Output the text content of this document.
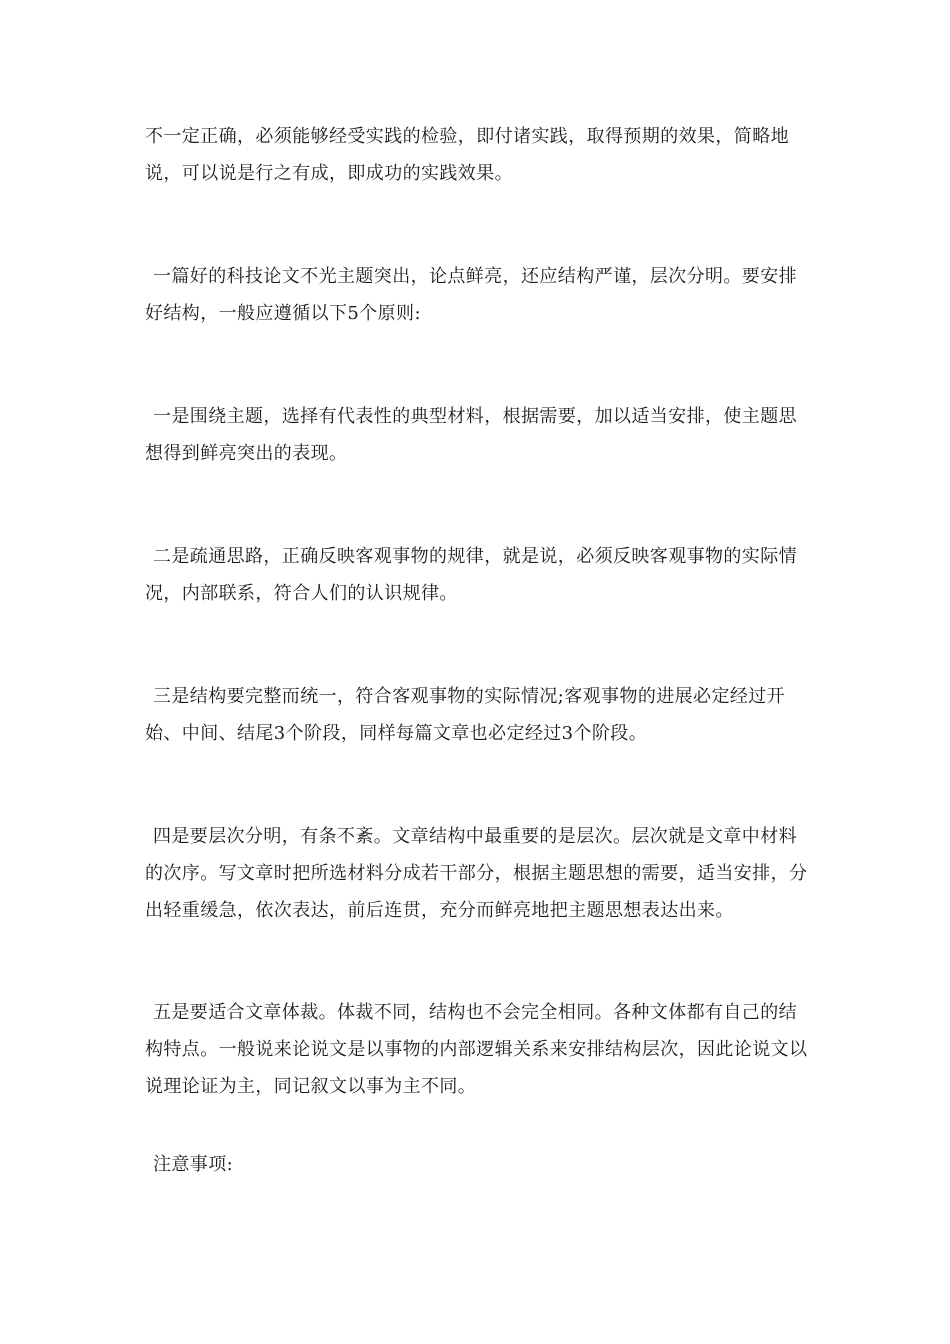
不一定正确，必须能够经受实践的检验，即付诸实践，取得预期的效果，简略地说，可以说是行之有成，即成功的实践效果。

一篇好的科技论文不光主题突出，论点鲜亮，还应结构严谨，层次分明。要安排好结构，一般应遵循以下5个原则:

一是围绕主题，选择有代表性的典型材料，根据需要，加以适当安排，使主题思想得到鲜亮突出的表现。

二是疏通思路，正确反映客观事物的规律，就是说，必须反映客观事物的实际情况，内部联系，符合人们的认识规律。

三是结构要完整而统一，符合客观事物的实际情况;客观事物的进展必定经过开始、中间、结尾3个阶段，同样每篇文章也必定经过3个阶段。

四是要层次分明，有条不紊。文章结构中最重要的是层次。层次就是文章中材料的次序。写文章时把所选材料分成若干部分，根据主题思想的需要，适当安排，分出轻重缓急，依次表达，前后连贯，充分而鲜亮地把主题思想表达出来。

五是要适合文章体裁。体裁不同，结构也不会完全相同。各种文体都有自己的结构特点。一般说来论说文是以事物的内部逻辑关系来安排结构层次，因此论说文以说理论证为主，同记叙文以事为主不同。

注意事项:
